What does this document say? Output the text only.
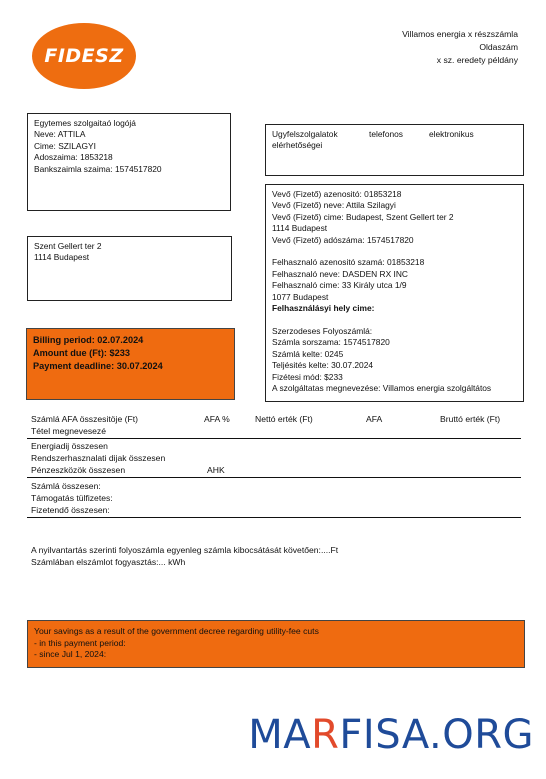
FIDESZ
Villamos energia x részszámla
Oldaszám
x sz. eredety példány
Egytemes szolgaitaó logójá
Neve: ATTILA
Cime: SZILAGYI
Adoszaima: 1853218
Bankszaimla szaima: 1574517820
Szent Gellert ter 2
1114 Budapest
Ugyfelszolgalatok	telefonos	elektronikus
elérhetőségei
Vevő (Fizető) azenositó: 01853218
Vevő (Fizető) neve: Attila Szilagyi
Vevő (Fizető) cime: Budapest, Szent Gellert ter 2
1114 Budapest
Vevő (Fizető) adószáma: 1574517820

Felhasznaló azenositó szamá: 01853218
Felhasznaló neve: DASDEN RX INC
Felhasznaló cime: 33 Király utca 1/9
1077 Budapest
Felhasználásyi hely cime:

Szerzodeses Folyoszámlá:
Számla sorszama: 1574517820
Számlá kelte: 0245
Teljésités kelte: 30.07.2024
Fizétesi mód: $233
A szolgáltatas megnevezése: Villamos energia szolgáltátos
Billing period: 02.07.2024
Amount due (Ft): $233
Payment deadline: 30.07.2024
Számlá AFA összesitöje (Ft)	AFA %	Nettó erték (Ft)	AFA	Bruttó erték (Ft)
Tétel megnevesezé
Energiadij összesen
Rendszerhasznalati dijak összesen
Pénzeszközök összesen	AHK
Számlá összesen:
Támogatás tülfizetes:
Fizetendő összesen:
A nyilvantartás szerinti folyoszámla egyenleg számla kibocsátását követően:....Ft
Számlában elszámlot fogyasztás:... kWh
Your savings as a result of the government decree regarding utility-fee cuts
- in this payment period:
- since Jul 1, 2024:
MARFISA.ORG
